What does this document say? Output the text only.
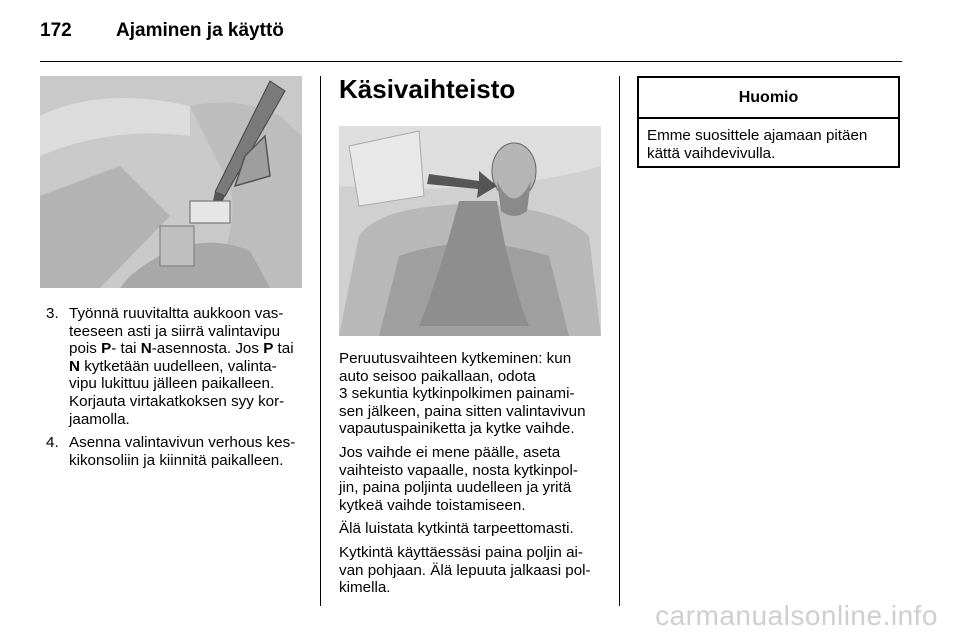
172 Ajaminen ja käyttö
3. Työnnä ruuvitaltta aukkoon vas-
teeseen asti ja siirrä valintavipu
pois P- tai N-asennosta. Jos P tai
N kytketään uudelleen, valinta-
vipu lukittuu jälleen paikalleen.
Korjauta virtakatkoksen syy kor-
jaamolla.
4. Asenna valintavivun verhous kes-
kikonsoliin ja kiinnitä paikalleen.
Käsivaihteisto

Peruutusvaihteen kytkeminen: kun
auto seisoo paikallaan, odota
3 sekuntia kytkinpolkimen painami-
sen jälkeen, paina sitten valintavivun
vapautuspainiketta ja kytke vaihde.

Jos vaihde ei mene päälle, aseta
vaihteisto vapaalle, nosta kytkinpol-
jin, paina poljinta uudelleen ja yritä
kytkeä vaihde toistamiseen.

Älä luistata kytkintä tarpeettomasti.

Kytkintä käyttäessäsi paina poljin ai-
van pohjaan. Älä lepuuta jalkaasi pol-
kimella.

Huomio
Emme suosittele ajamaan pitäen
kättä vaihdevivulla.
carmanualsonline.info
